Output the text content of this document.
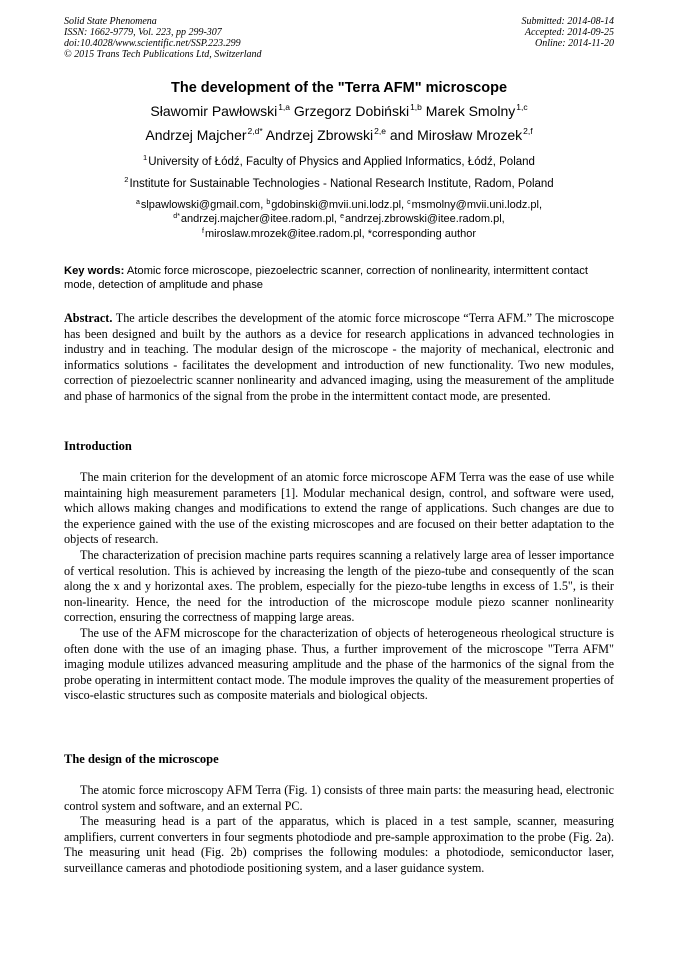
Solid State Phenomena
ISSN: 1662-9779, Vol. 223, pp 299-307
doi:10.4028/www.scientific.net/SSP.223.299
© 2015 Trans Tech Publications Ltd, Switzerland
Submitted: 2014-08-14
Accepted: 2014-09-25
Online: 2014-11-20
The development of the "Terra AFM" microscope
Sławomir Pawłowski$^{1,a}$ Grzegorz Dobiński$^{1,b}$ Marek Smolny$^{1,c}$
Andrzej Majcher$^{2,d*}$ Andrzej Zbrowski$^{2,e}$ and Mirosław Mrozek$^{2,f}$
$^1$University of Łódź, Faculty of Physics and Applied Informatics, Łódź, Poland
$^2$Institute for Sustainable Technologies - National Research Institute, Radom, Poland
$^a$slpawlowski@gmail.com, $^b$gdobinski@mvii.uni.lodz.pl, $^c$msmolny@mvii.uni.lodz.pl,
$^{d*}$andrzej.majcher@itee.radom.pl, $^e$andrzej.zbrowski@itee.radom.pl,
$^f$miroslaw.mrozek@itee.radom.pl, *corresponding author
Key words: Atomic force microscope, piezoelectric scanner, correction of nonlinearity, intermittent contact mode, detection of amplitude and phase
Abstract. The article describes the development of the atomic force microscope “Terra AFM.” The microscope has been designed and built by the authors as a device for research applications in advanced technologies in industry and in teaching. The modular design of the microscope - the majority of mechanical, electronic and informatics solutions - facilitates the development and introduction of new functionality. Two new modules, correction of piezoelectric scanner nonlinearity and advanced imaging, using the measurement of the amplitude and phase of harmonics of the signal from the probe in the intermittent contact mode, are presented.
Introduction

The main criterion for the development of an atomic force microscope AFM Terra was the ease of use while maintaining high measurement parameters [1]. Modular mechanical design, control, and software were used, which allows making changes and modifications to extend the range of applications. Such changes are due to the experience gained with the use of the existing microscopes and are focused on their better adaptation to the objects of research.

The characterization of precision machine parts requires scanning a relatively large area of lesser importance of vertical resolution. This is achieved by increasing the length of the piezo-tube and consequently of the scan along the x and y horizontal axes. The problem, especially for the piezo-tube lengths in excess of 1.5", is their non-linearity. Hence, the need for the introduction of the microscope module piezo scanner nonlinearity correction, ensuring the correctness of mapping large areas.

The use of the AFM microscope for the characterization of objects of heterogeneous rheological structure is often done with the use of an imaging phase. Thus, a further improvement of the microscope "Terra AFM" imaging module utilizes advanced measuring amplitude and the phase of the harmonics of the signal from the probe operating in intermittent contact mode. The module improves the quality of the measurement properties of visco-elastic structures such as composite materials and biological objects.

The design of the microscope

The atomic force microscopy AFM Terra (Fig. 1) consists of three main parts: the measuring head, electronic control system and software, and an external PC.

The measuring head is a part of the apparatus, which is placed in a test sample, scanner, measuring amplifiers, current converters in four segments photodiode and pre-sample approximation to the probe (Fig. 2a). The measuring unit head (Fig. 2b) comprises the following modules: a photodiode, semiconductor laser, surveillance cameras and photodiode positioning system, and a laser guidance system.
